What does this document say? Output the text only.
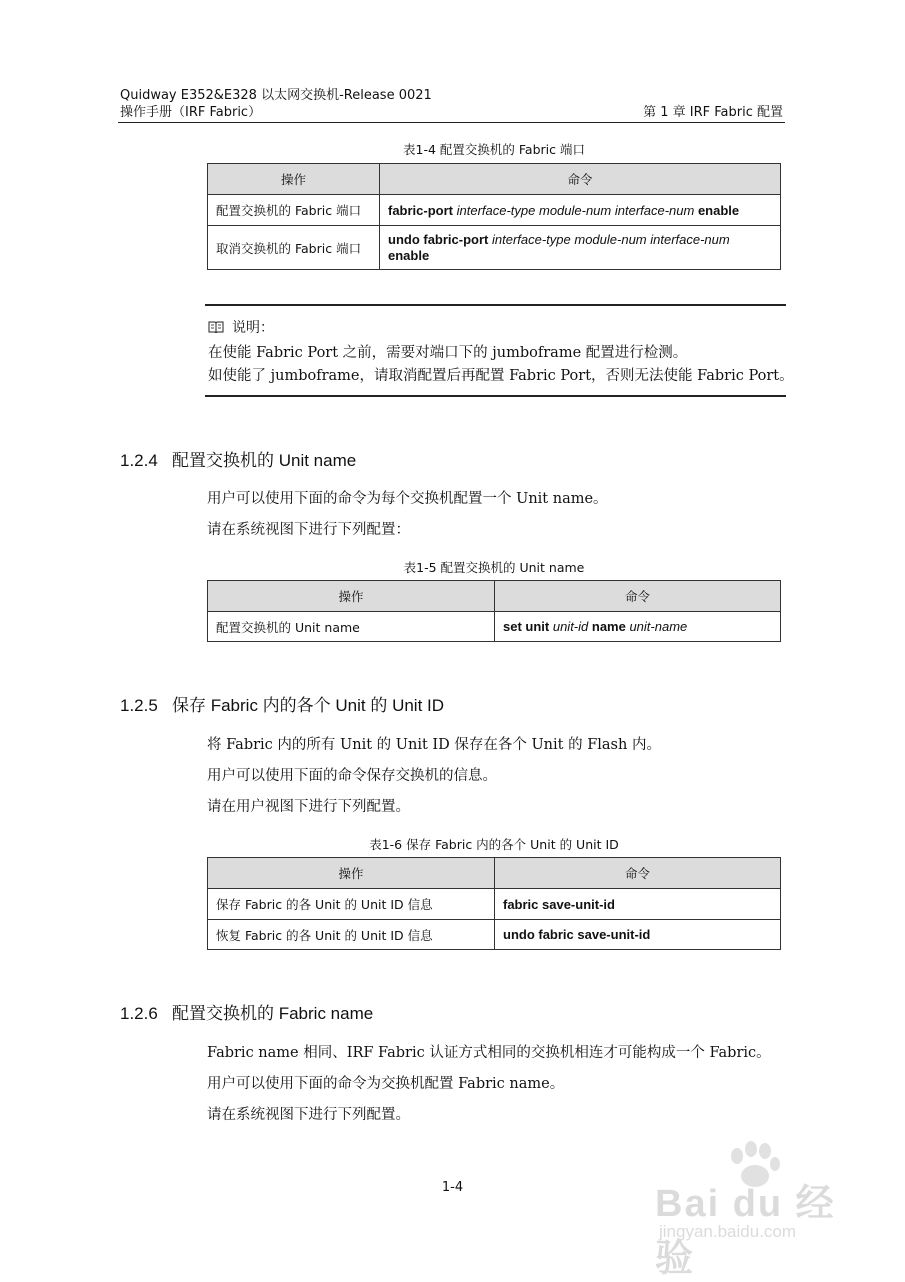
Quidway E352&E328 以太网交换机-Release 0021
操作手册（IRF Fabric）	第 1 章 IRF Fabric 配置
表1-4 配置交换机的 Fabric 端口
操作	命令
配置交换机的 Fabric 端口	fabric-port interface-type module-num interface-num enable
取消交换机的 Fabric 端口	undo fabric-port interface-type module-num interface-num
enable
说明：
在使能 Fabric Port 之前，需要对端口下的 jumboframe 配置进行检测。
如使能了 jumboframe，请取消配置后再配置 Fabric Port，否则无法使能 Fabric Port。
1.2.4 配置交换机的 Unit name
用户可以使用下面的命令为每个交换机配置一个 Unit name。
请在系统视图下进行下列配置：
表1-5 配置交换机的 Unit name
操作	命令
配置交换机的 Unit name	set unit unit-id name unit-name
1.2.5 保存 Fabric 内的各个 Unit 的 Unit ID
将 Fabric 内的所有 Unit 的 Unit ID 保存在各个 Unit 的 Flash 内。
用户可以使用下面的命令保存交换机的信息。
请在用户视图下进行下列配置。
表1-6 保存 Fabric 内的各个 Unit 的 Unit ID
操作	命令
保存 Fabric 的各 Unit 的 Unit ID 信息	fabric save-unit-id
恢复 Fabric 的各 Unit 的 Unit ID 信息	undo fabric save-unit-id
1.2.6 配置交换机的 Fabric name
Fabric name 相同、IRF Fabric 认证方式相同的交换机相连才可能构成一个 Fabric。
用户可以使用下面的命令为交换机配置 Fabric name。
请在系统视图下进行下列配置。
1-4	Bai du 经验
jingyan.baidu.com
